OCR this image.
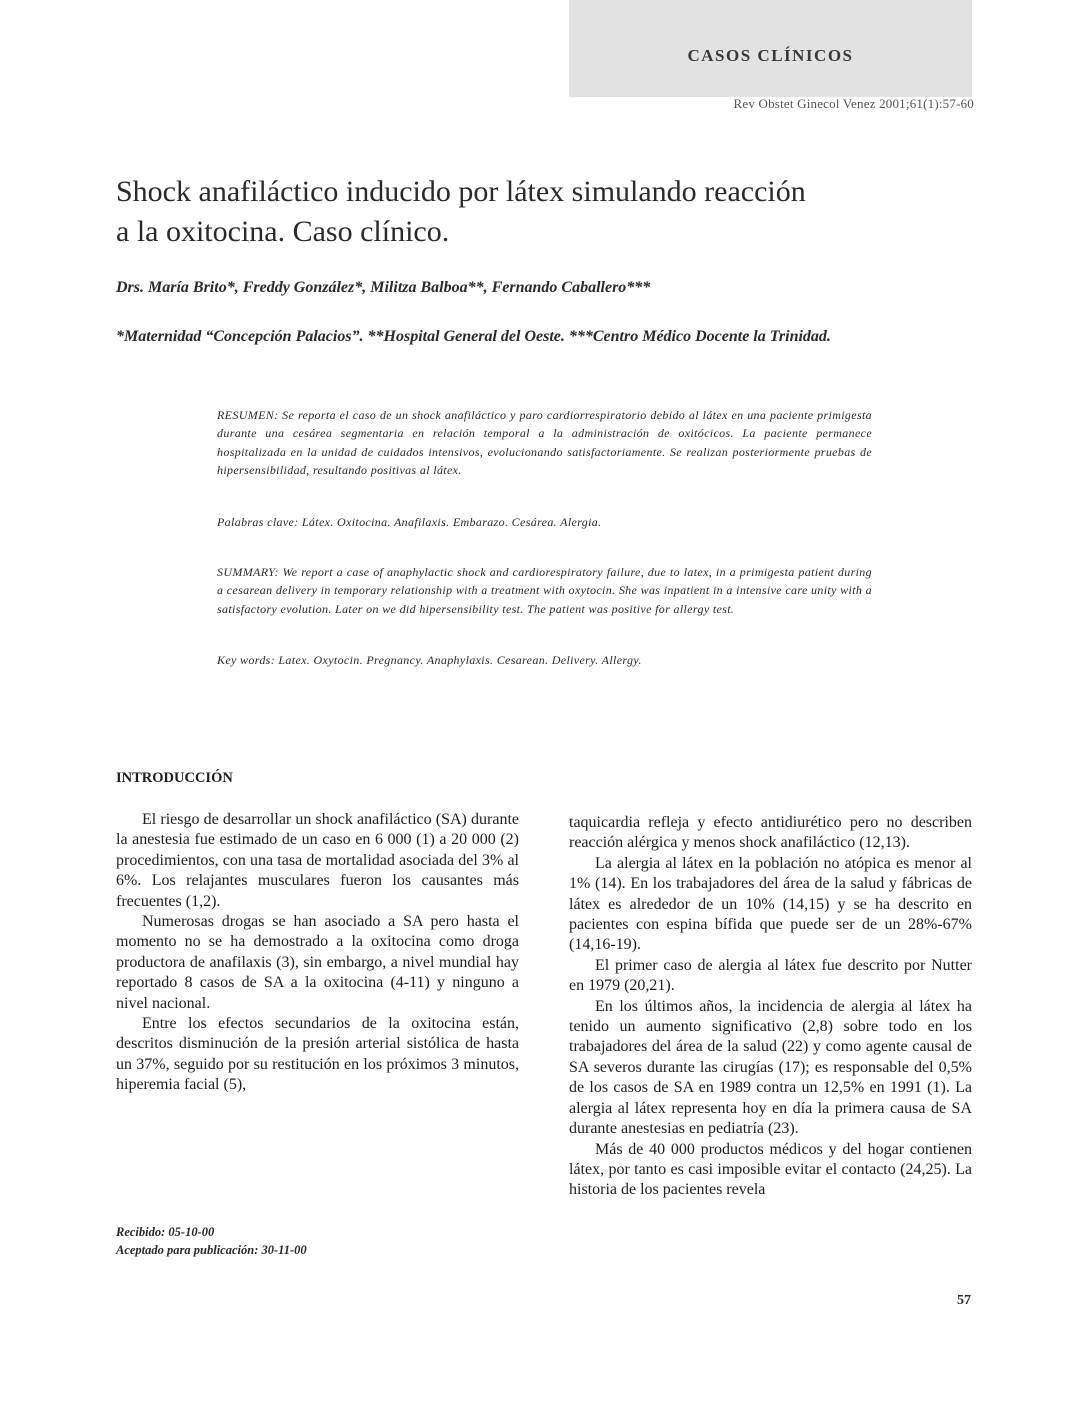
CASOS CLÍNICOS
Rev Obstet Ginecol Venez 2001;61(1):57-60
Shock anafiláctico inducido por látex simulando reacción
a la oxitocina. Caso clínico.
Drs. María Brito*, Freddy González*, Militza Balboa**, Fernando Caballero***
*Maternidad “Concepción Palacios”. **Hospital General del Oeste. ***Centro Médico Docente la Trinidad.
RESUMEN: Se reporta el caso de un shock anafiláctico y paro cardiorrespiratorio debido al látex en una paciente primigesta durante una cesárea segmentaria en relación temporal a la administración de oxitócicos. La paciente permanece hospitalizada en la unidad de cuidados intensivos, evolucionando satisfactoriamente. Se realizan posteriormente pruebas de hipersensibilidad, resultando positivas al látex.
Palabras clave: Látex. Oxitocina. Anafilaxis. Embarazo. Cesárea. Alergia.
SUMMARY: We report a case of anaphylactic shock and cardiorespiratory failure, due to latex, in a primigesta patient during a cesarean delivery in temporary relationship with a treatment with oxytocin. She was inpatient in a intensive care unity with a satisfactory evolution. Later on we did hipersensibility test. The patient was positive for allergy test.
Key words: Latex. Oxytocin. Pregnancy. Anaphylaxis. Cesarean. Delivery. Allergy.
INTRODUCCIÓN

El riesgo de desarrollar un shock anafiláctico (SA) durante la anestesia fue estimado de un caso en 6 000 (1) a 20 000 (2) procedimientos, con una tasa de mortalidad asociada del 3% al 6%. Los relajantes musculares fueron los causantes más frecuentes (1,2).

Numerosas drogas se han asociado a SA pero hasta el momento no se ha demostrado a la oxitocina como droga productora de anafilaxis (3), sin embargo, a nivel mundial hay reportado 8 casos de SA a la oxitocina (4-11) y ninguno a nivel nacional.

Entre los efectos secundarios de la oxitocina están, descritos disminución de la presión arterial sistólica de hasta un 37%, seguido por su restitución en los próximos 3 minutos, hiperemia facial (5),

taquicardia refleja y efecto antidiurético pero no describen reacción alérgica y menos shock anafiláctico (12,13).

La alergia al látex en la población no atópica es menor al 1% (14). En los trabajadores del área de la salud y fábricas de látex es alrededor de un 10% (14,15) y se ha descrito en pacientes con espina bífida que puede ser de un 28%-67% (14,16-19).

El primer caso de alergia al látex fue descrito por Nutter en 1979 (20,21).

En los últimos años, la incidencia de alergia al látex ha tenido un aumento significativo (2,8) sobre todo en los trabajadores del área de la salud (22) y como agente causal de SA severos durante las cirugías (17); es responsable del 0,5% de los casos de SA en 1989 contra un 12,5% en 1991 (1). La alergia al látex representa hoy en día la primera causa de SA durante anestesias en pediatría (23).

Más de 40 000 productos médicos y del hogar contienen látex, por tanto es casi imposible evitar el contacto (24,25). La historia de los pacientes revela

Recibido: 05-10-00
Aceptado para publicación: 30-11-00
57
